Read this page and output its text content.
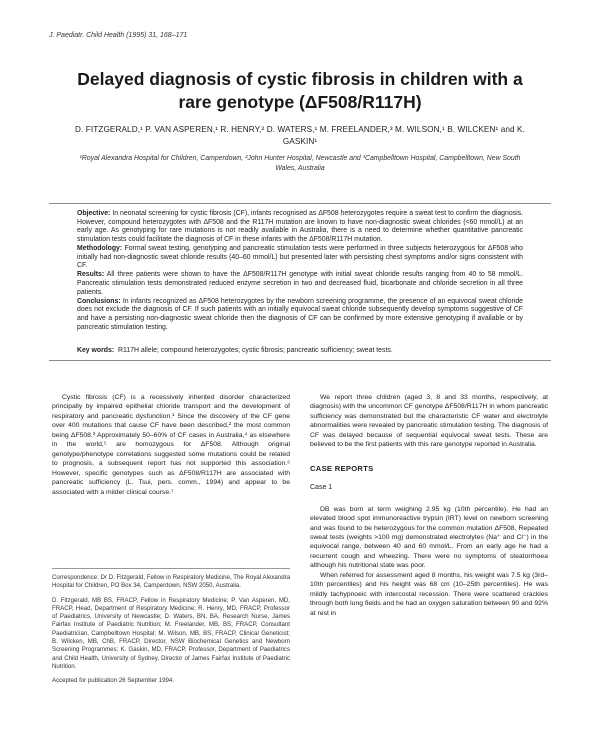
J. Paediatr. Child Health (1995) 31, 168–171
Delayed diagnosis of cystic fibrosis in children with a rare genotype (ΔF508/R117H)
D. FITZGERALD,¹ P. VAN ASPEREN,¹ R. HENRY,² D. WATERS,¹ M. FREELANDER,³ M. WILSON,¹ B. WILCKEN¹ and K. GASKIN¹
¹Royal Alexandra Hospital for Children, Camperdown, ²John Hunter Hospital, Newcastle and ³Campbelltown Hospital, Campbelltown, New South Wales, Australia

Objective: In neonatal screening for cystic fibrosis (CF), infants recognised as ΔF508 heterozygotes require a sweat test to confirm the diagnosis. However, compound heterozygotes with ΔF508 and the R117H mutation are known to have non-diagnostic sweat chlorides (<60 mmol/L) at an early age. As genotyping for rare mutations is not readily available in Australia, there is a need to determine whether quantitative pancreatic stimulation tests could facilitate the diagnosis of CF in these infants with the ΔF508/R117H mutation.

Methodology: Formal sweat testing, genotyping and pancreatic stimulation tests were performed in three subjects heterozygous for ΔF508 who initially had non-diagnostic sweat chloride results (40–60 mmol/L) but presented later with persisting chest symptoms and/or signs consistent with CF.

Results: All three patients were shown to have the ΔF508/R117H genotype with initial sweat chloride results ranging from 40 to 58 mmol/L. Pancreatic stimulation tests demonstrated reduced enzyme secretion in two and decreased fluid, bicarbonate and chloride secretion in all three patients.

Conclusions: In infants recognized as ΔF508 heterozygotes by the newborn screening programme, the presence of an equivocal sweat chloride does not exclude the diagnosis of CF. If such patients with an initially equivocal sweat chloride subsequently develop symptoms suggestive of CF and have a persisting non-diagnostic sweat chloride then the diagnosis of CF can be confirmed by more extensive genotyping if available or by pancreatic stimulation testing.

Key words: R117H allele; compound heterozygotes; cystic fibrosis; pancreatic sufficiency; sweat tests.

Cystic fibrosis (CF) is a recessively inherited disorder characterized principally by impaired epithelial chloride transport and the development of respiratory and pancreatic dysfunction.¹ Since the discovery of the CF gene over 400 mutations that cause CF have been described,² the most common being ΔF508.³ Approximately 50–60% of CF cases in Australia,⁴ as elsewhere in the world,⁵ are homozygous for ΔF508. Although original genotype/phenotype correlations suggested some mutations could be related to prognosis, a subsequent report has not supported this association.⁶ However, specific genotypes such as ΔF508/R117H are associated with pancreatic sufficiency (L. Tsui, pers. comm., 1994) and appear to be associated with a milder clinical course.⁷

Correspondence: Dr D. Fitzgerald, Fellow in Respiratory Medicine, The Royal Alexandra Hospital for Children, PO Box 34, Camperdown, NSW 2050, Australia.

D. Fitzgerald, MB BS, FRACP, Fellow in Respiratory Medicine; P. Van Asperen, MD, FRACP, Head, Department of Respiratory Medicine; R. Henry, MD, FRACP, Professor of Paediatrics, University of Newcastle; D. Waters, BN, BA, Research Nurse, James Fairfax Institute of Paediatric Nutrition; M. Freelander, MB, BS, FRACP, Consultant Paediatrician, Campbelltown Hospital; M. Wilson, MB, BS, FRACP, Clinical Geneticist; B. Wilcken, MB, ChB, FRACP, Director, NSW Biochemical Genetics and Newborn Screening Programmes; K. Gaskin, MD, FRACP, Professor, Department of Paediatrics and Child Health, University of Sydney, Director of James Fairfax Institute of Paediatric Nutrition.

Accepted for publication 26 September 1994.

We report three children (aged 3, 8 and 33 months, respectively, at diagnosis) with the uncommon CF genotype ΔF508/R117H in whom pancreatic sufficiency was demonstrated but the characteristic CF water and electrolyte abnormalities were revealed by pancreatic stimulation testing. The diagnosis of CF was delayed because of sequential equivocal sweat tests. These are believed to be the first patients with this rare genotype reported in Australia.

CASE REPORTS
Case 1

DB was born at term weighing 2.95 kg (10th percentile). He had an elevated blood spot immunoreactive trypsin (IRT) level on newborn screening and was found to be heterozygous for the common mutation ΔF508. Repeated sweat tests (weights >100 mg) demonstrated electrolytes (Na⁺ and Cl⁻) in the equivocal range, between 40 and 60 mmol/L. From an early age he had a recurrent cough and wheezing. There were no symptoms of steatorrhoea although his nutritional state was poor.

When referred for assessment aged 8 months, his weight was 7.5 kg (3rd–10th percentiles) and his height was 68 cm (10–25th percentiles). He was mildly tachypnoeic with intercostal recession. There were scattered crackles through both lung fields and he had an oxygen saturation between 90 and 92% at rest in
